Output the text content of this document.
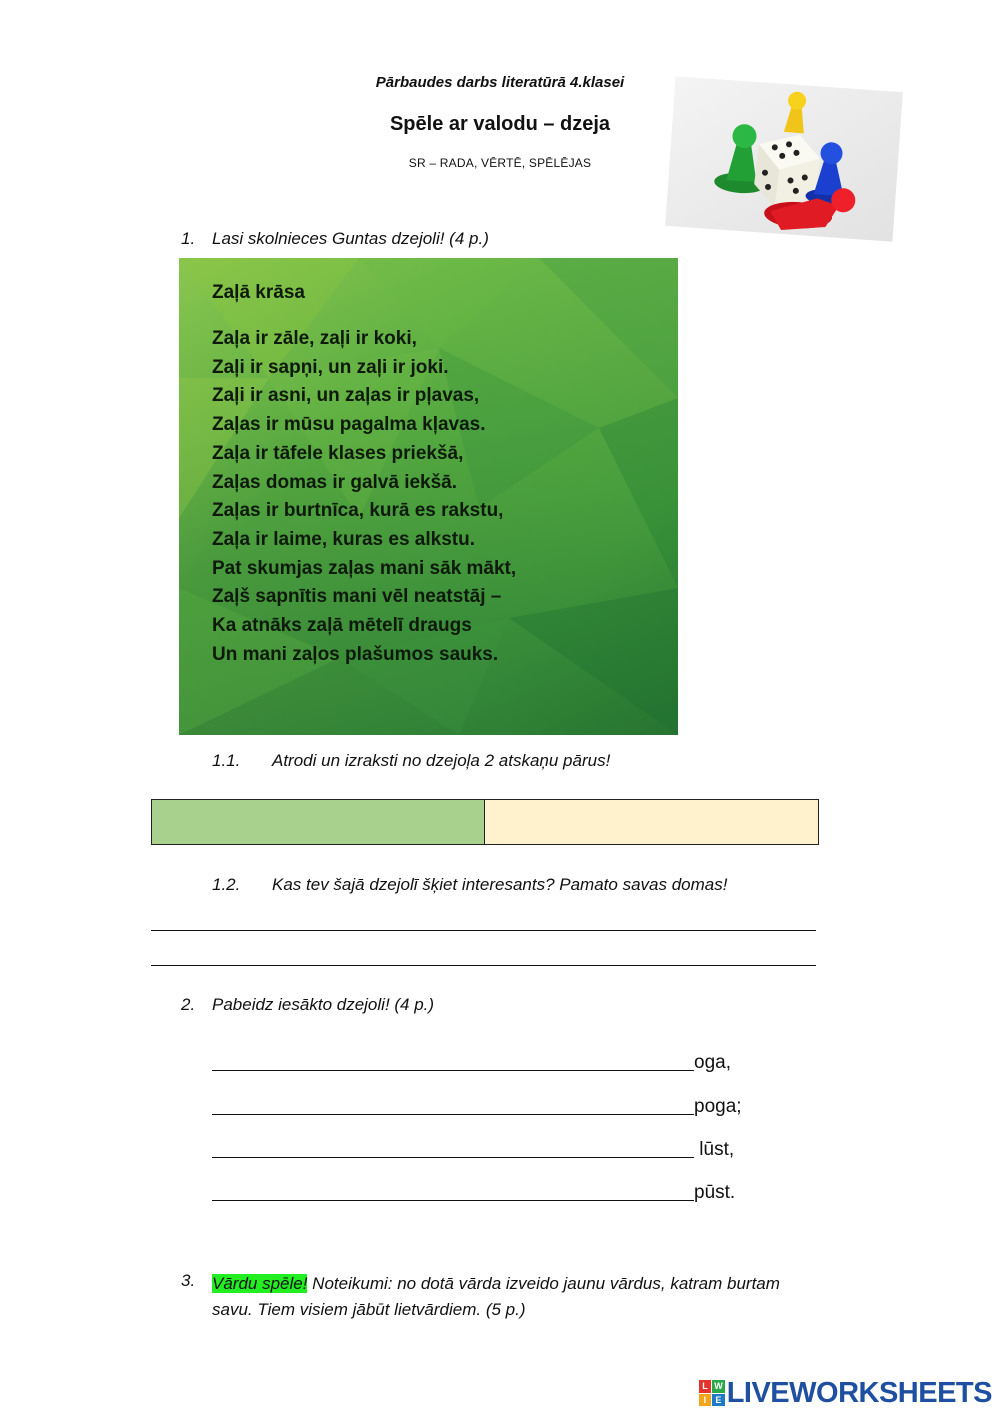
Pārbaudes darbs literatūrā 4.klasei
Spēle ar valodu – dzeja
SR – RADA, VĒRTĒ, SPĒLĒJAS
1. Lasi skolnieces Guntas dzejoli! (4 p.)
Zaļā krāsa
Zaļa ir zāle, zaļi ir koki,
Zaļi ir sapņi, un zaļi ir joki.
Zaļi ir asni, un zaļas ir pļavas,
Zaļas ir mūsu pagalma kļavas.
Zaļa ir tāfele klases priekšā,
Zaļas domas ir galvā iekšā.
Zaļas ir burtnīca, kurā es rakstu,
Zaļa ir laime, kuras es alkstu.
Pat skumjas zaļas mani sāk mākt,
Zaļš sapnītis mani vēl neatstāj –
Ka atnāks zaļā mētelī draugs
Un mani zaļos plašumos sauks.
1.1. Atrodi un izraksti no dzejoļa 2 atskaņu pārus!
1.2. Kas tev šajā dzejolī šķiet interesants? Pamato savas domas!
2. Pabeidz iesākto dzejoli! (4 p.)
oga,
poga;
lūst,
pūst.
3. Vārdu spēle! Noteikumi: no dotā vārda izveido jaunu vārdus, katram burtam
savu. Tiem visiem jābūt lietvārdiem. (5 p.)
L W
I	E LIVEWORKSHEETS
